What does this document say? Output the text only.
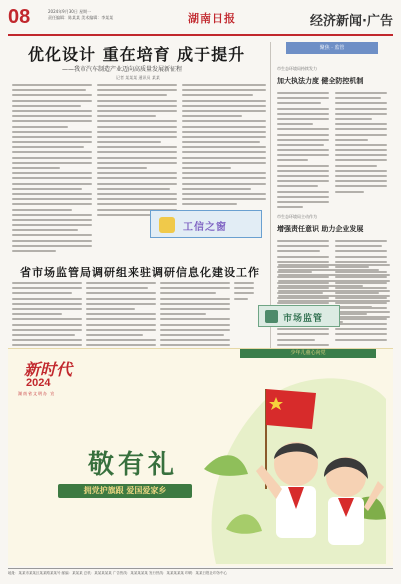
08	2024年9月30日 星期一
责任编辑：陈某某 美术编辑：李某某	湖南日报	经济新闻·广告
优化设计 重在培育 成于提升
——我市汽车制造产业迈向高质量发展新征程
记者 某某某 通讯员 某某
聚焦 · 监管
市生态环境局持续发力
加大执法力度 健全防控机制
市生态环境局主动作为
增强责任意识 助力企业发展
工信之窗
省市场监管局调研组来驻调研信息化建设工作
市场监管
新时代
2024
湖南省文明办 宣
少年儿童心向党
敬有礼
拥党护旗跟 爱国爱家乡
地址：某某市某某区某某路某某号 邮编：某某某 总机：某某某某某 广告热线：某某某某某 发行热线：某某某某某 印刷：某某日报社印务中心
